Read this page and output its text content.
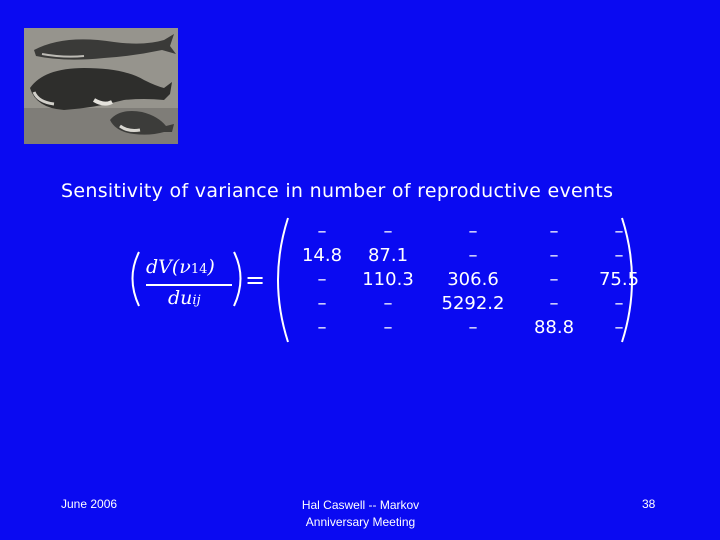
Sensitivity of variance in number of reproductive events
dV(ν14)
duij
=
–	–	–	–	–
14.8	87.1	–	–	–
–	110.3	306.6	–	75.5
–	–	5292.2	–	–
–	–	–	88.8	–
June 2006	Hal Caswell -- Markov
Anniversary Meeting
38
